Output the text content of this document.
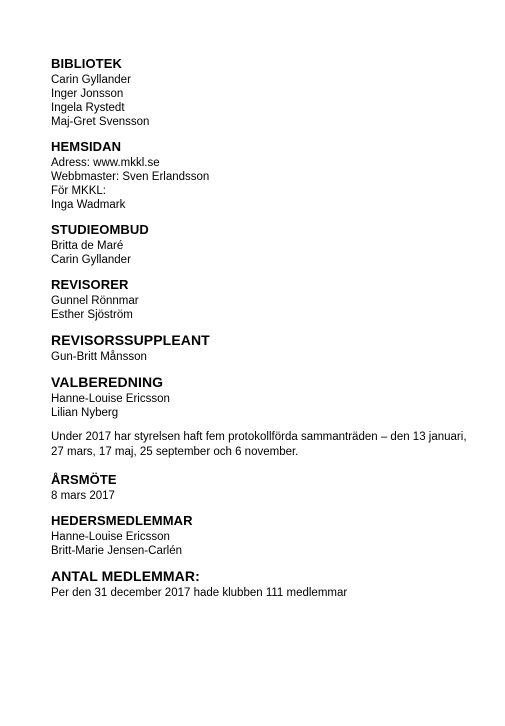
BIBLIOTEK
Carin Gyllander
Inger Jonsson
Ingela Rystedt
Maj-Gret Svensson
HEMSIDAN
Adress: www.mkkl.se
Webbmaster: Sven Erlandsson
För MKKL:
Inga Wadmark
STUDIEOMBUD
Britta de Maré
Carin Gyllander
REVISORER
Gunnel Rönnmar
Esther Sjöström
REVISORSSUPPLEANT
Gun-Britt Månsson
VALBEREDNING
Hanne-Louise Ericsson
Lilian Nyberg
Under 2017 har styrelsen haft fem protokollförda sammanträden – den 13 januari, 27 mars, 17 maj, 25 september och 6 november.
ÅRSMÖTE
8 mars 2017
HEDERSMEDLEMMAR
Hanne-Louise Ericsson
Britt-Marie Jensen-Carlén
ANTAL MEDLEMMAR:
Per den 31 december 2017 hade klubben 111 medlemmar
